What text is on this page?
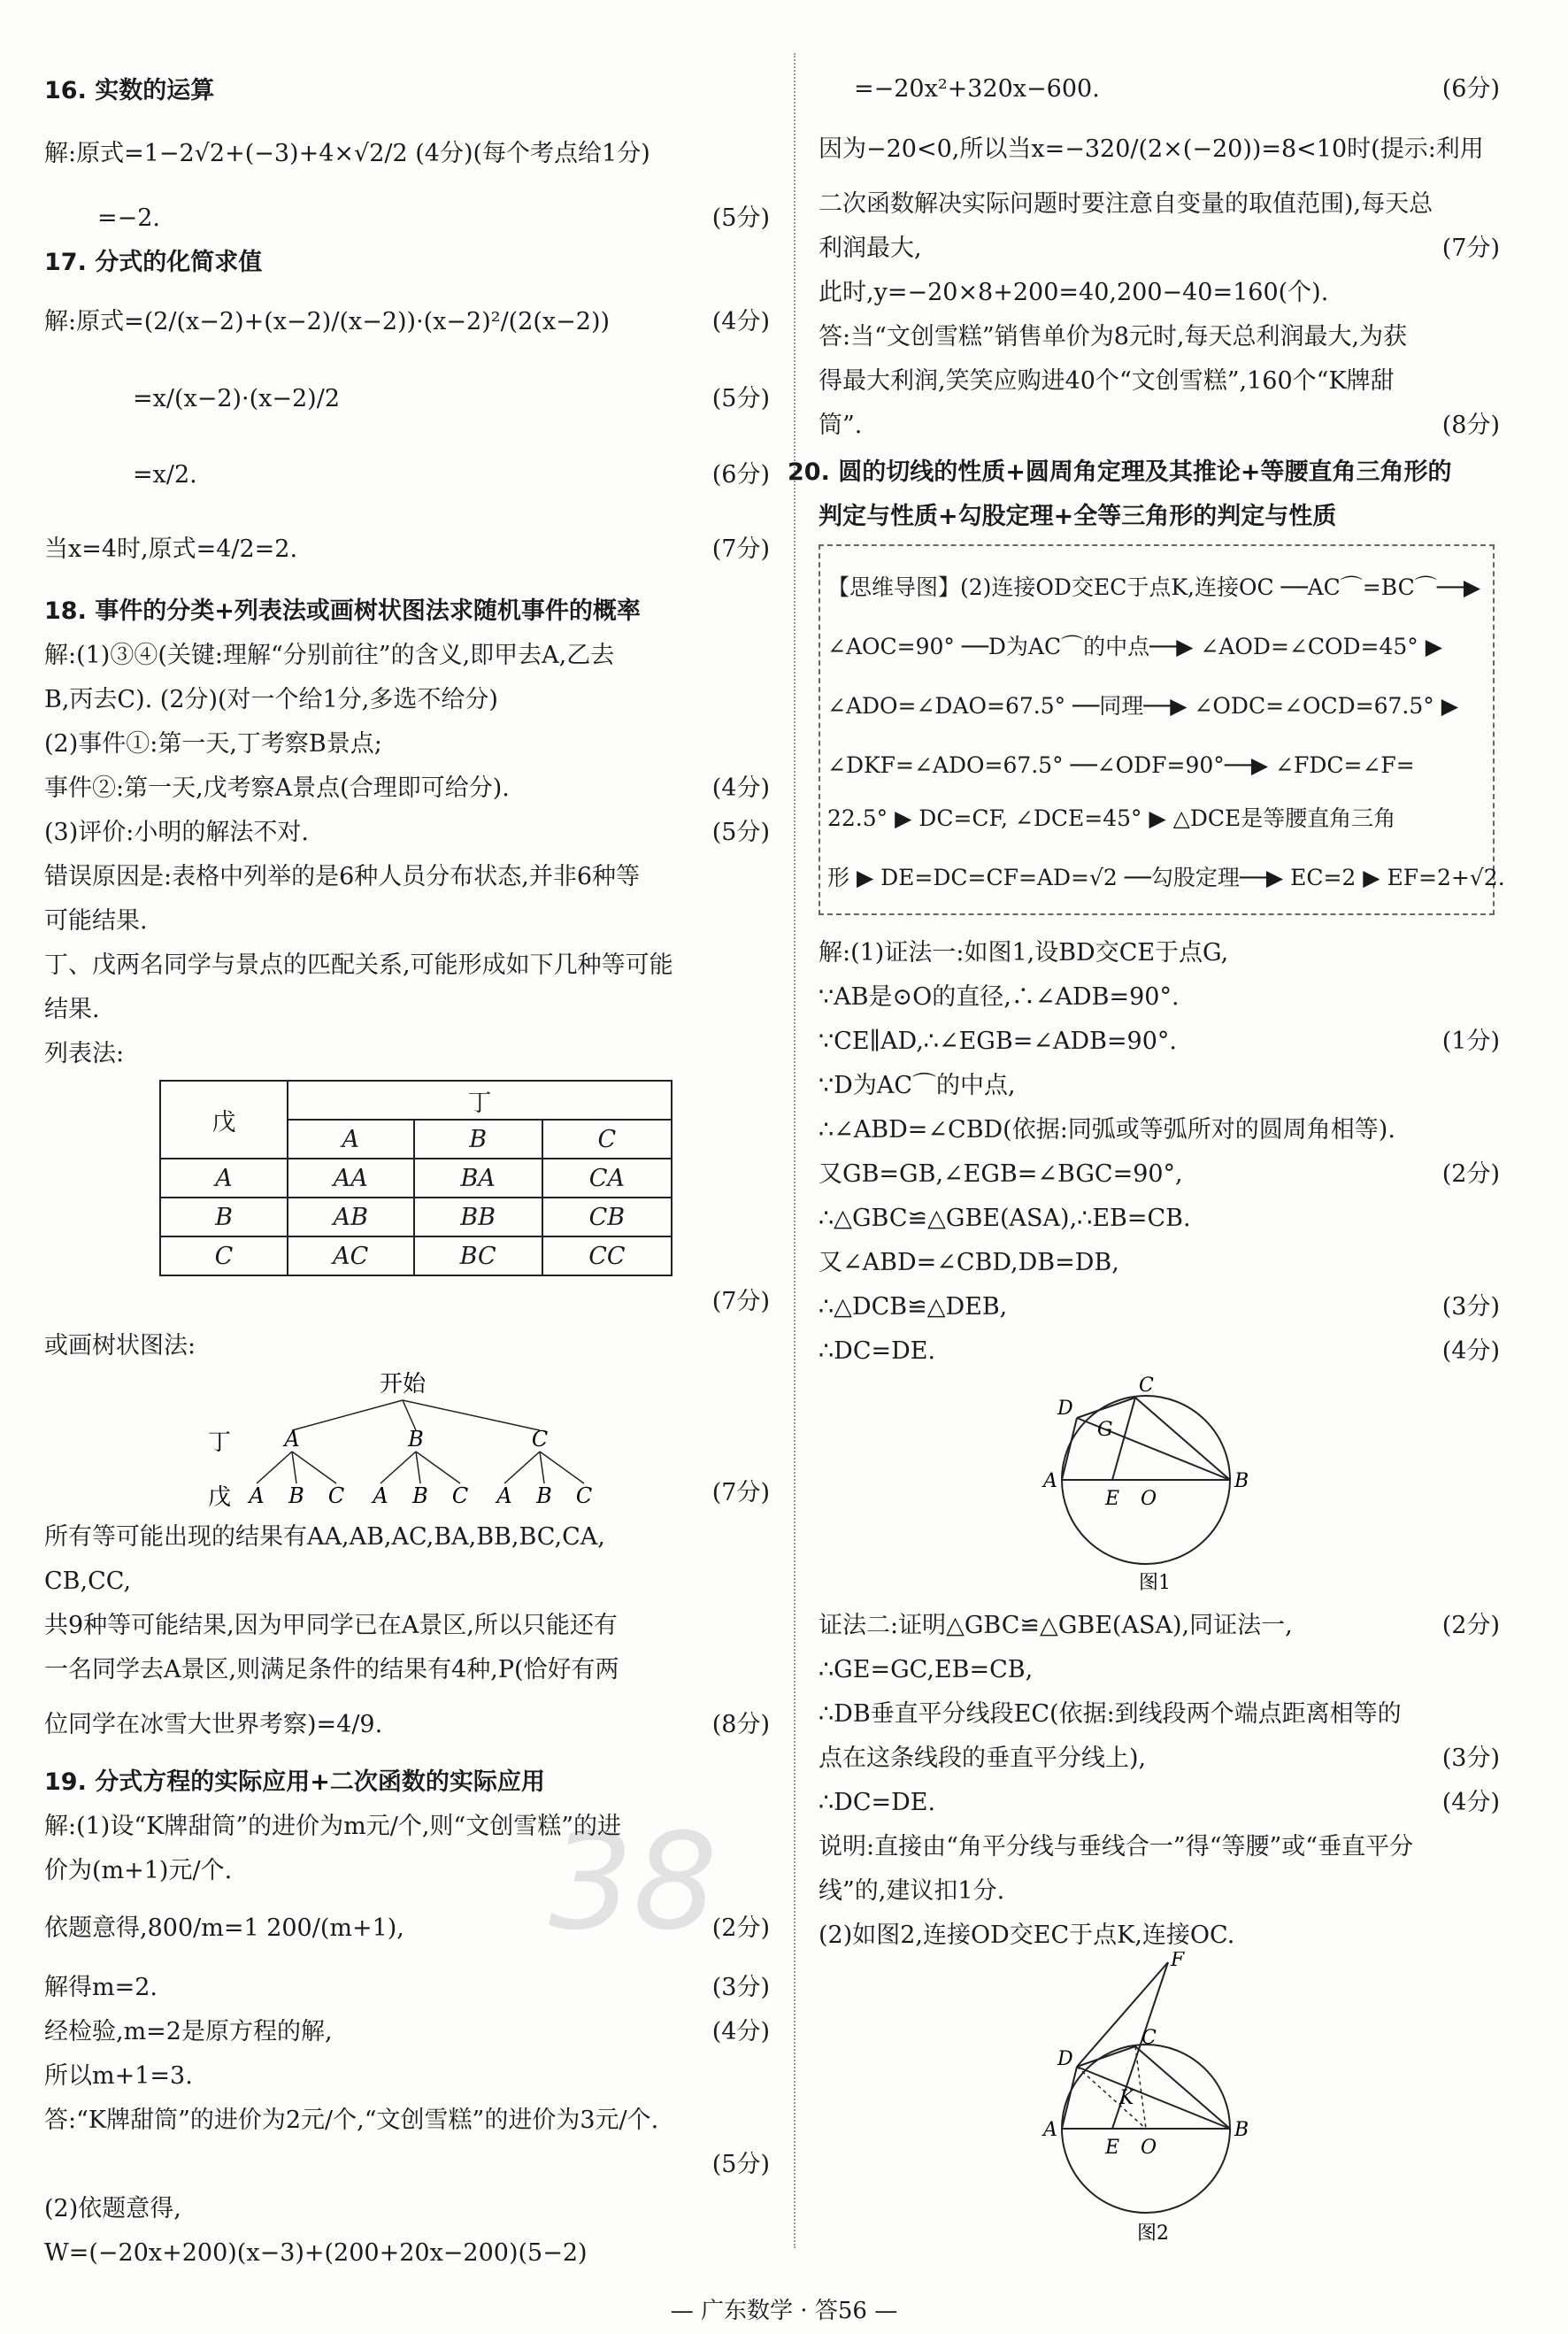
38
16. 实数的运算
解:原式=1−2√2+(−3)+4×√2/2 (4分)(每个考点给1分)
=−2.	(5分)
17. 分式的化简求值
解:原式=(2/(x−2)+(x−2)/(x−2))·(x−2)²/(2(x−2))	(4分)
=x/(x−2)·(x−2)/2	(5分)
=x/2.	(6分)
当x=4时,原式=4/2=2.	(7分)
18. 事件的分类+列表法或画树状图法求随机事件的概率
解:(1)③④(关键:理解“分别前往”的含义,即甲去A,乙去
B,丙去C). (2分)(对一个给1分,多选不给分)
(2)事件①:第一天,丁考察B景点;
事件②:第一天,戊考察A景点(合理即可给分).	(4分)
(3)评价:小明的解法不对.	(5分)
错误原因是:表格中列举的是6种人员分布状态,并非6种等
可能结果.
丁、戊两名同学与景点的匹配关系,可能形成如下几种等可能
结果.
列表法:
戊	丁		
	A	B	C
A	AA	BA	CA
B	AB	BB	CB
C	AC	BC	CC
(7分)
或画树状图法:
开始
丁
戊
A	B	C
A B C A B C A B C	(7分)
所有等可能出现的结果有AA,AB,AC,BA,BB,BC,CA,
CB,CC,
共9种等可能结果,因为甲同学已在A景区,所以只能还有
一名同学去A景区,则满足条件的结果有4种,P(恰好有两
位同学在冰雪大世界考察)=4/9.	(8分)
19. 分式方程的实际应用+二次函数的实际应用
解:(1)设“K牌甜筒”的进价为m元/个,则“文创雪糕”的进
价为(m+1)元/个.
依题意得,800/m=1 200/(m+1),	(2分)
解得m=2.	(3分)
经检验,m=2是原方程的解,	(4分)
所以m+1=3.
答:“K牌甜筒”的进价为2元/个,“文创雪糕”的进价为3元/个.
(5分)
(2)依题意得,
W=(−20x+200)(x−3)+(200+20x−200)(5−2)
=−20x²+320x−600.	(6分)
因为−20<0,所以当x=−320/(2×(−20))=8<10时(提示:利用
二次函数解决实际问题时要注意自变量的取值范围),每天总
利润最大,	(7分)
此时,y=−20×8+200=40,200−40=160(个).
答:当“文创雪糕”销售单价为8元时,每天总利润最大,为获
得最大利润,笑笑应购进40个“文创雪糕”,160个“K牌甜
筒”.	(8分)
20. 圆的切线的性质+圆周角定理及其推论+等腰直角三角形的
判定与性质+勾股定理+全等三角形的判定与性质
【思维导图】(2)连接OD交EC于点K,连接OC ──AC⌒=BC⌒──▶
∠AOC=90° ──D为AC⌒的中点──▶ ∠AOD=∠COD=45° ▶
∠ADO=∠DAO=67.5° ──同理──▶ ∠ODC=∠OCD=67.5° ▶
∠DKF=∠ADO=67.5° ──∠ODF=90°──▶ ∠FDC=∠F=
22.5° ▶ DC=CF, ∠DCE=45° ▶ △DCE是等腰直角三角
形 ▶ DE=DC=CF=AD=√2 ──勾股定理──▶ EC=2 ▶ EF=2+√2.
解:(1)证法一:如图1,设BD交CE于点G,
∵AB是⊙O的直径,∴∠ADB=90°.
∵CE∥AD,∴∠EGB=∠ADB=90°.	(1分)
∵D为AC⌒的中点,
∴∠ABD=∠CBD(依据:同弧或等弧所对的圆周角相等).
又GB=GB,∠EGB=∠BGC=90°,	(2分)
∴△GBC≌△GBE(ASA),∴EB=CB.
又∠ABD=∠CBD,DB=DB,
∴△DCB≌△DEB,	(3分)
∴DC=DE.	(4分)
C
D
G
A
E O
B
图1
证法二:证明△GBC≌△GBE(ASA),同证法一,	(2分)
∴GE=GC,EB=CB,
∴DB垂直平分线段EC(依据:到线段两个端点距离相等的
点在这条线段的垂直平分线上),	(3分)
∴DC=DE.	(4分)
说明:直接由“角平分线与垂线合一”得“等腰”或“垂直平分
线”的,建议扣1分.
(2)如图2,连接OD交EC于点K,连接OC.
F
D
C
K
A
E O
B
图2
— 广东数学 · 答56 —
